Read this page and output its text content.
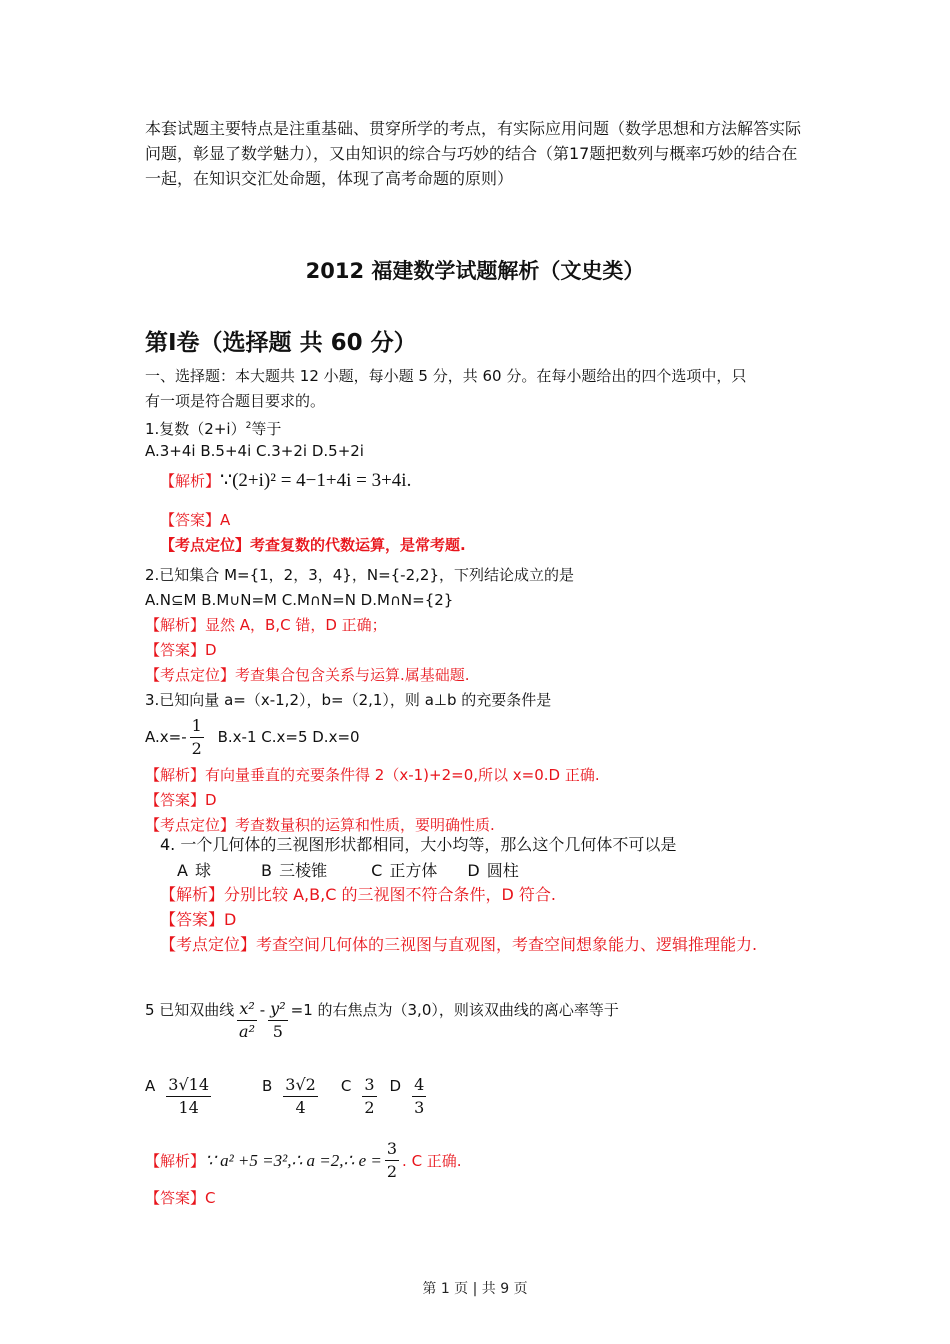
本套试题主要特点是注重基础、贯穿所学的考点，有实际应用问题（数学思想和方法解答实际问题，彰显了数学魅力），又由知识的综合与巧妙的结合（第17题把数列与概率巧妙的结合在一起，在知识交汇处命题，体现了高考命题的原则）
2012 福建数学试题解析（文史类）
第I卷（选择题 共 60 分）
一、选择题：本大题共 12 小题，每小题 5 分，共 60 分。在每小题给出的四个选项中，只
有一项是符合题目要求的。
1.复数$(2+i)^2$等于
A.3+4i B.5+4i C.3+2i D.5+2i
【解析】∵(2+i)² = 4−1+4i = 3+4i.
【答案】A
【考点定位】考查复数的代数运算，是常考题.
2.已知集合 M={1，2，3，4}，N={-2,2}，下列结论成立的是
A.N⊆M B.M∪N=M C.M∩N=N D.M∩N={2}
【解析】显然 A，B,C 错，D 正确；
【答案】D
【考点定位】考查集合包含关系与运算.属基础题.
3.已知向量 a=（x-1,2），b=（2,1），则 a⊥b 的充要条件是
$A.x=- \frac{1}{2} B.x-1$ C.x=5 D.x=0
【解析】有向量垂直的充要条件得 2（x-1)+2=0,所以 x=0.D 正确.
【答案】D
【考点定位】考查数量积的运算和性质，要明确性质.
4. 一个几何体的三视图形状都相同，大小均等，那么这个几何体不可以是
A 球	B 三棱锥	C 正方体 D 圆柱
【解析】分别比较 A,B,C 的三视图不符合条件，D 符合.
【答案】D
【考点定位】考查空间几何体的三视图与直观图，考查空间想象能力、逻辑推理能力.
5 已知双曲线 $\frac{\text{x²}}{\text{a²}} - \frac{\text{y²}}{5} =1$ 的右焦点为（3,0），则该双曲线的离心率等于
A $\frac{3√14}{14}$	B $\frac{3√2}{4}$ C $\frac{3}{2}$ D $\frac{4}{3}$
【解析】 ∵ a² +5 =3²,∴ a =2,∴ $e = \frac{3}{2}$ . C 正确.
【答案】C
第 1 页 | 共 9 页
